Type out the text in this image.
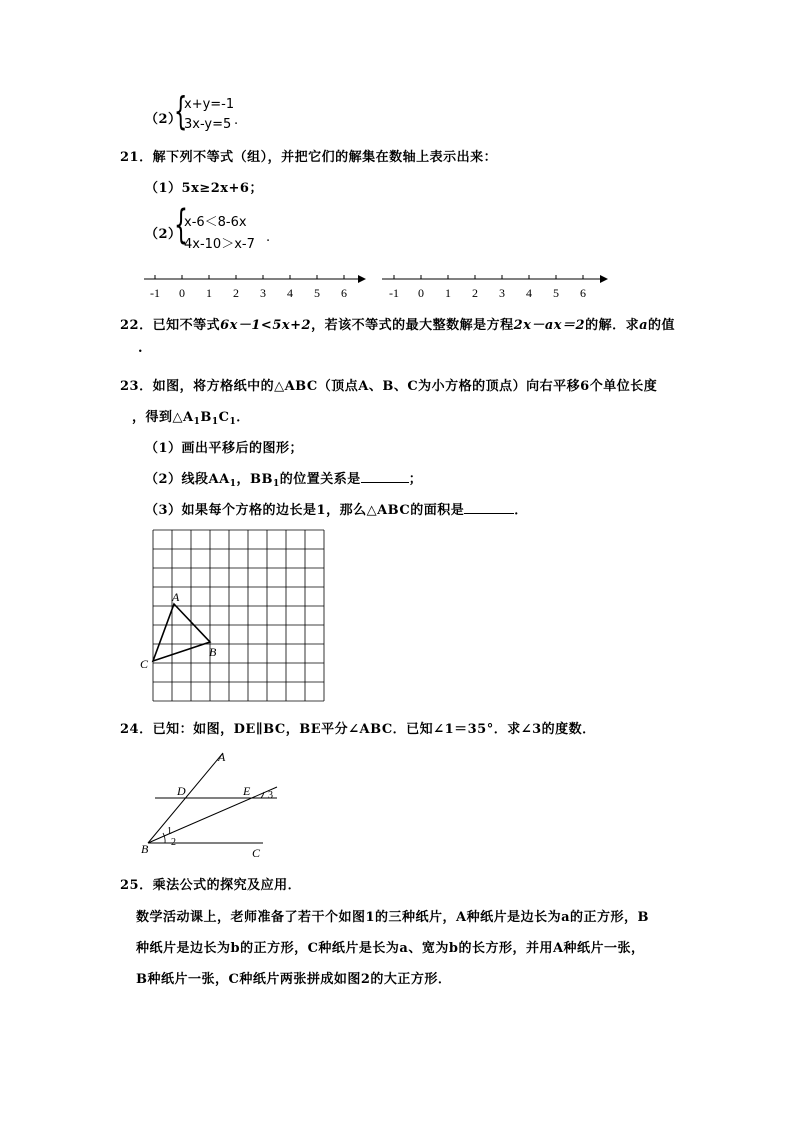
（2）
{
x+y=-1
3x-y=5 .
21．解下列不等式（组），并把它们的解集在数轴上表示出来：
（1）5x≥2x+6；
（2）
{
x-6＜8-6x
4x-10＞x-7 .
-1 0 1 2 3 4 5 6	-1 0 1 2 3 4 5 6
22．已知不等式6x－1<5x+2，若该不等式的最大整数解是方程2x－ax＝2的解．求a的值
.
23．如图，将方格纸中的△ABC（顶点A、B、C为小方格的顶点）向右平移6个单位长度
，得到$\triangle A_1B_1C_1$．
（1）画出平移后的图形；
（2）线段$AA_1$，$BB_1$的位置关系是	；
（3）如果每个方格的边长是1，那么△ABC的面积是	．
A
B
C
24．已知：如图，DE∥BC，BE平分∠ABC．已知∠1＝35°．求∠3的度数．
A
D	E
B	C
1
2
3
25．乘法公式的探究及应用．
数学活动课上，老师准备了若干个如图1的三种纸片，A种纸片是边长为a的正方形，B
种纸片是边长为b的正方形，C种纸片是长为a、宽为b的长方形，并用A种纸片一张，
B种纸片一张，C种纸片两张拼成如图2的大正方形．
